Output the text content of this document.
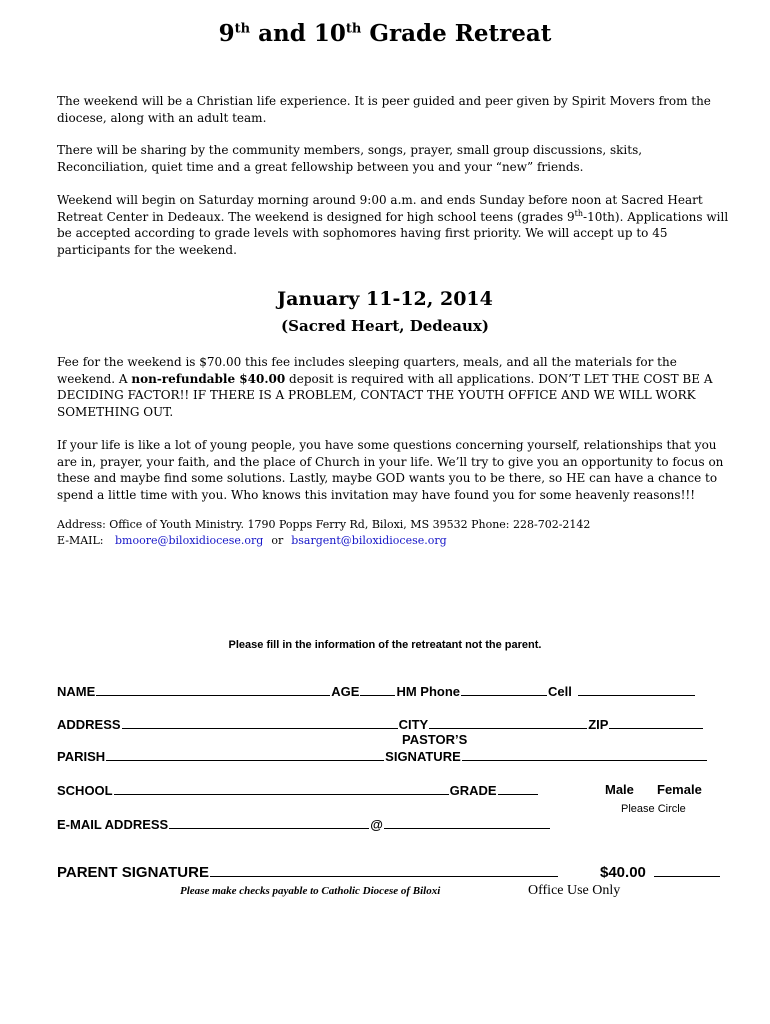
9th and 10th Grade Retreat

The weekend will be a Christian life experience. It is peer guided and peer given by Spirit Movers from the diocese, along with an adult team.

There will be sharing by the community members, songs, prayer, small group discussions, skits, Reconciliation, quiet time and a great fellowship between you and your “new” friends.

Weekend will begin on Saturday morning around 9:00 a.m. and ends Sunday before noon at Sacred Heart Retreat Center in Dedeaux. The weekend is designed for high school teens (grades 9th-10th). Applications will be accepted according to grade levels with sophomores having first priority. We will accept up to 45 participants for the weekend.

January 11-12, 2014
(Sacred Heart, Dedeaux)

Fee for the weekend is $70.00 this fee includes sleeping quarters, meals, and all the materials for the weekend. A non-refundable $40.00 deposit is required with all applications. DON’T LET THE COST BE A DECIDING FACTOR!! IF THERE IS A PROBLEM, CONTACT THE YOUTH OFFICE AND WE WILL WORK SOMETHING OUT.

If your life is like a lot of young people, you have some questions concerning yourself, relationships that you are in, prayer, your faith, and the place of Church in your life. We’ll try to give you an opportunity to focus on these and maybe find some solutions. Lastly, maybe GOD wants you to be there, so HE can have a chance to spend a little time with you. Who knows this invitation may have found you for some heavenly reasons!!!

Address: Office of Youth Ministry. 1790 Popps Ferry Rd, Biloxi, MS 39532 Phone: 228-702-2142
E-MAIL: bmoore@biloxidiocese.org or bsargent@biloxidiocese.org
Please fill in the information of the retreatant not the parent.
NAME	AGE	HM Phone	Cell
ADDRESS	CITY	ZIP
PASTOR’S
PARISH	SIGNATURE
SCHOOL	GRADE	Male Female
Please Circle
E-MAIL ADDRESS	@
PARENT SIGNATURE	$40.00
Please make checks payable to Catholic Diocese of Biloxi	Office Use Only
